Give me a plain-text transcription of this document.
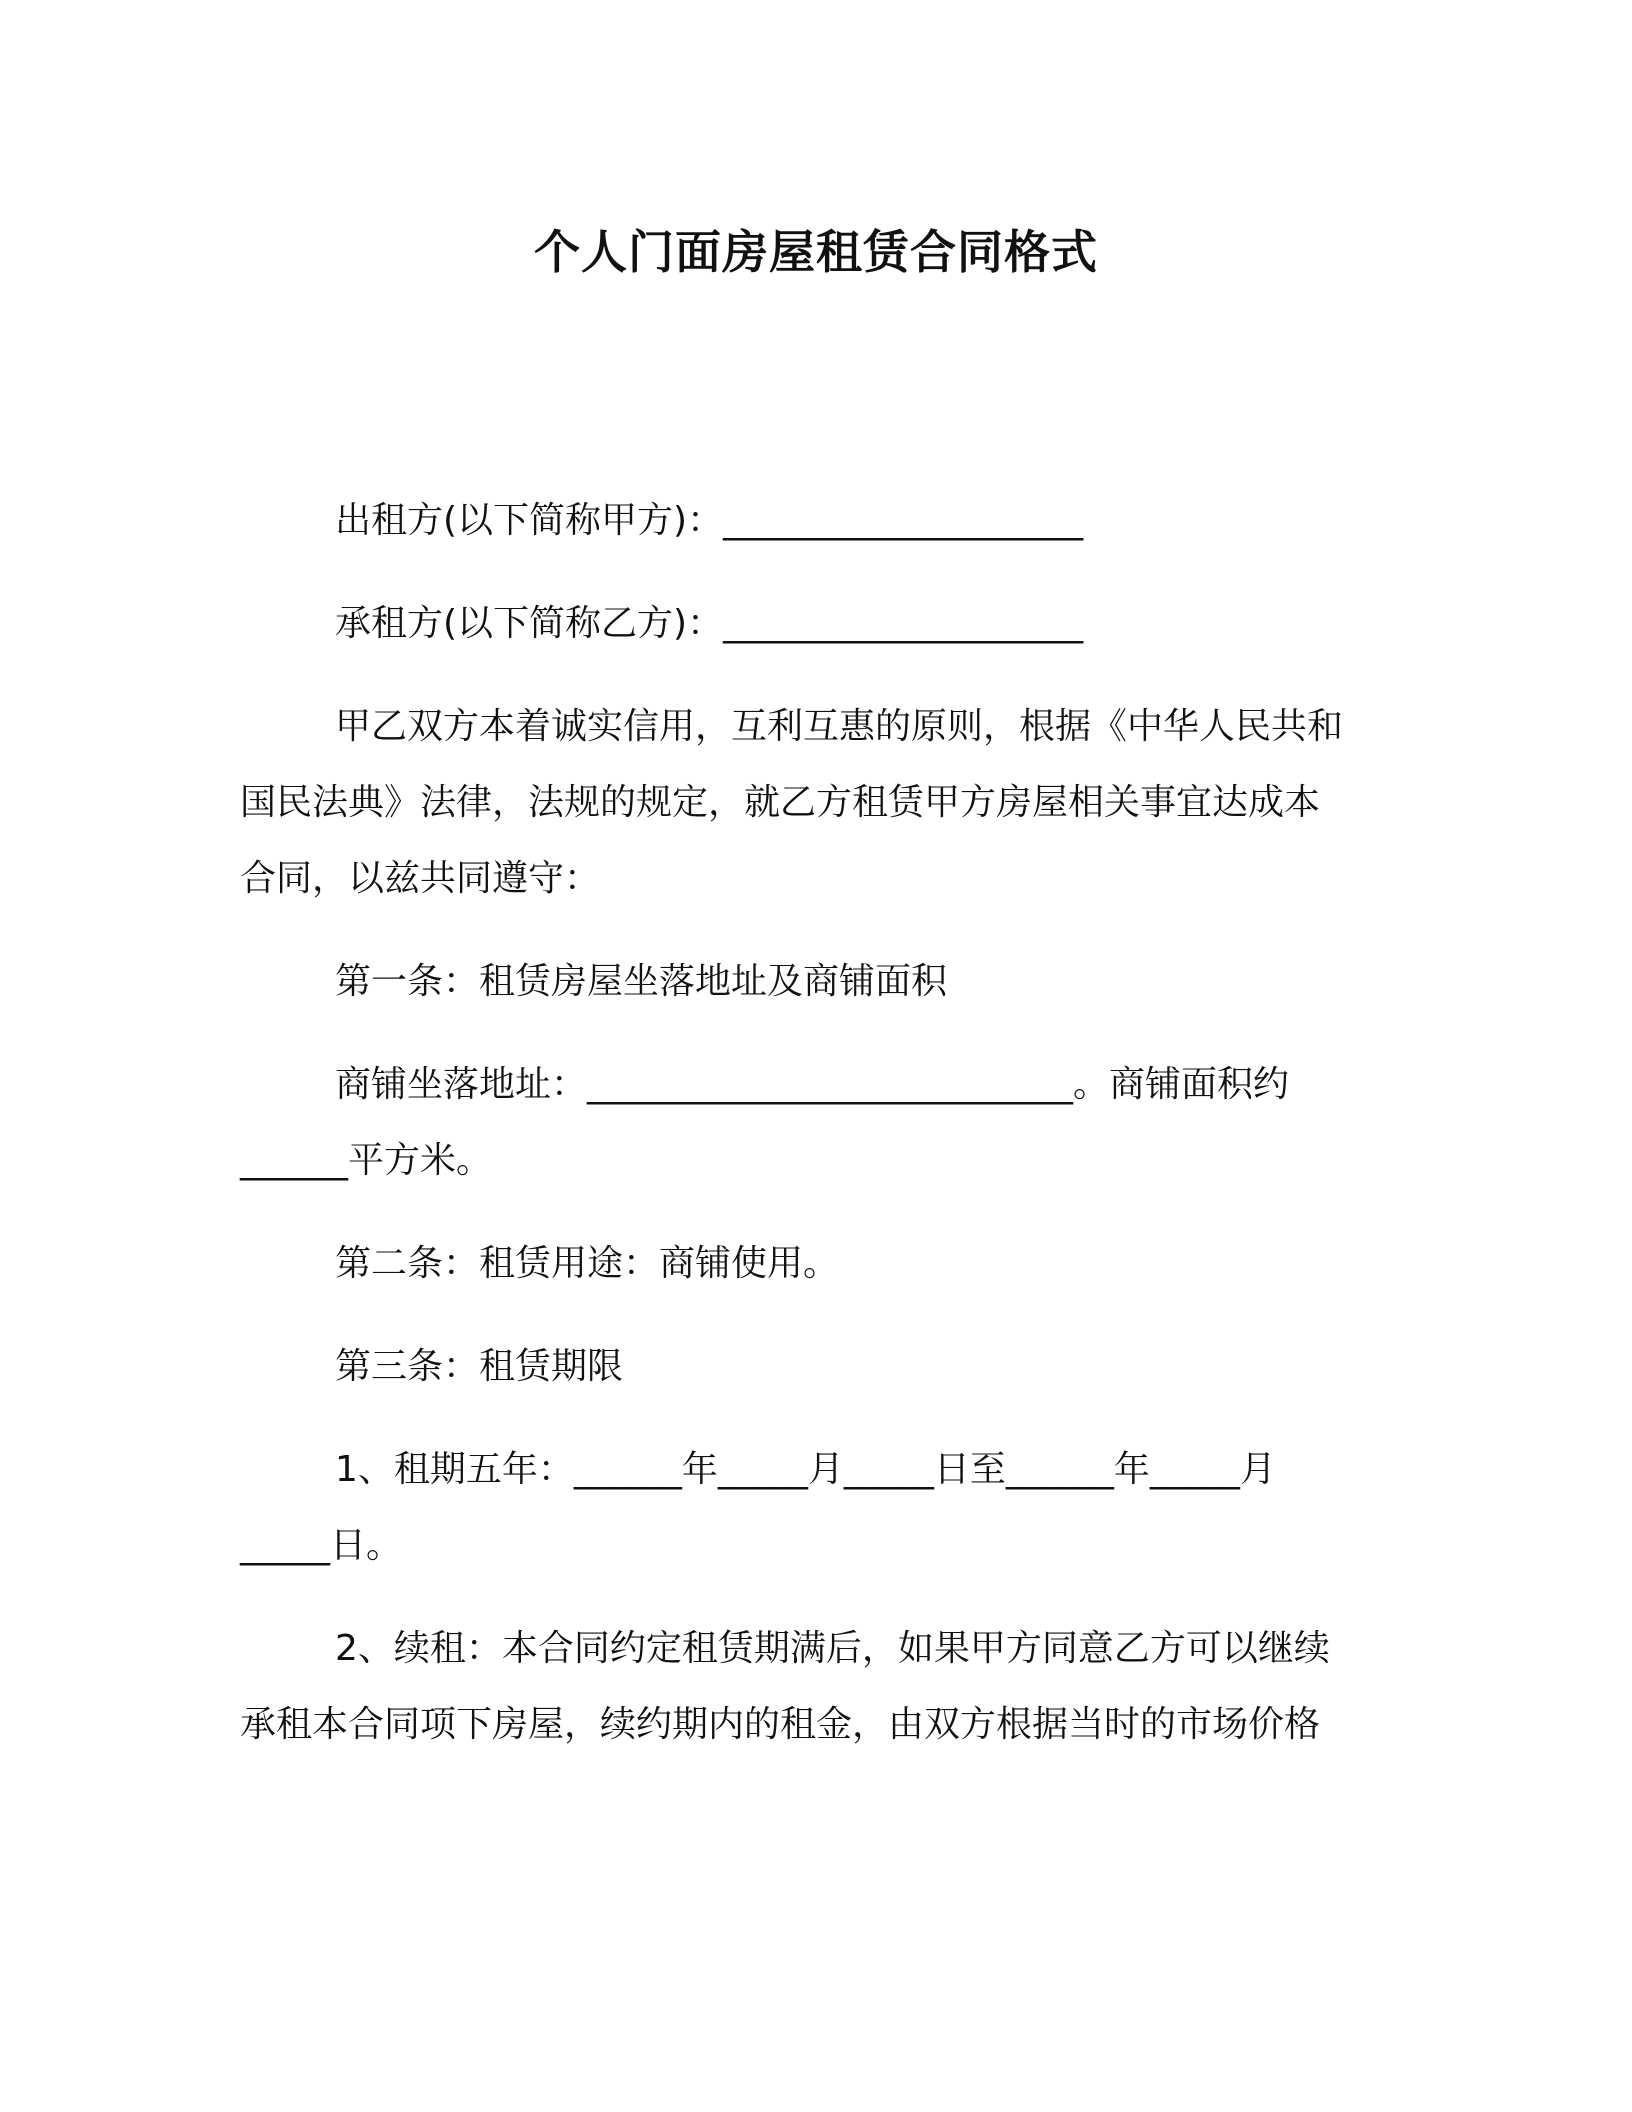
个人门面房屋租赁合同格式
出租方(以下简称甲方)：____________________
承租方(以下简称乙方)：____________________
甲乙双方本着诚实信用，互利互惠的原则，根据《中华人民共和
国民法典》法律，法规的规定，就乙方租赁甲方房屋相关事宜达成本
合同，以兹共同遵守：
第一条：租赁房屋坐落地址及商铺面积
商铺坐落地址：___________________________。商铺面积约
______平方米。
第二条：租赁用途：商铺使用。
第三条：租赁期限
1、租期五年：______年_____月_____日至______年_____月
_____日。
2、续租：本合同约定租赁期满后，如果甲方同意乙方可以继续
承租本合同项下房屋，续约期内的租金，由双方根据当时的市场价格
